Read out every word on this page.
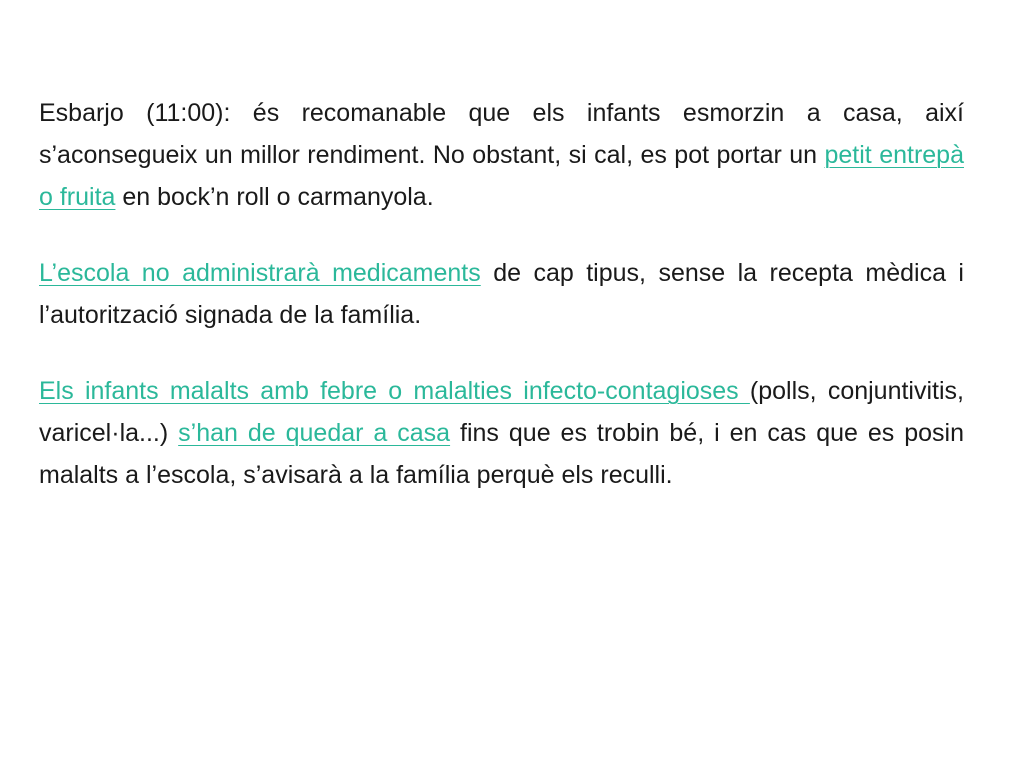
Esbarjo (11:00): és recomanable que els infants esmorzin a casa, així s’aconsegueix un millor rendiment. No obstant, si cal, es pot portar un petit entrepà o fruita en bock’n roll o carmanyola.

L’escola no administrarà medicaments de cap tipus, sense la recepta mèdica i l’autorització signada de la família.

Els infants malalts amb febre o malalties infecto-contagioses (polls, conjuntivitis, varicel·la...) s’han de quedar a casa fins que es trobin bé, i en cas que es posin malalts a l’escola, s’avisarà a la família perquè els reculli.
